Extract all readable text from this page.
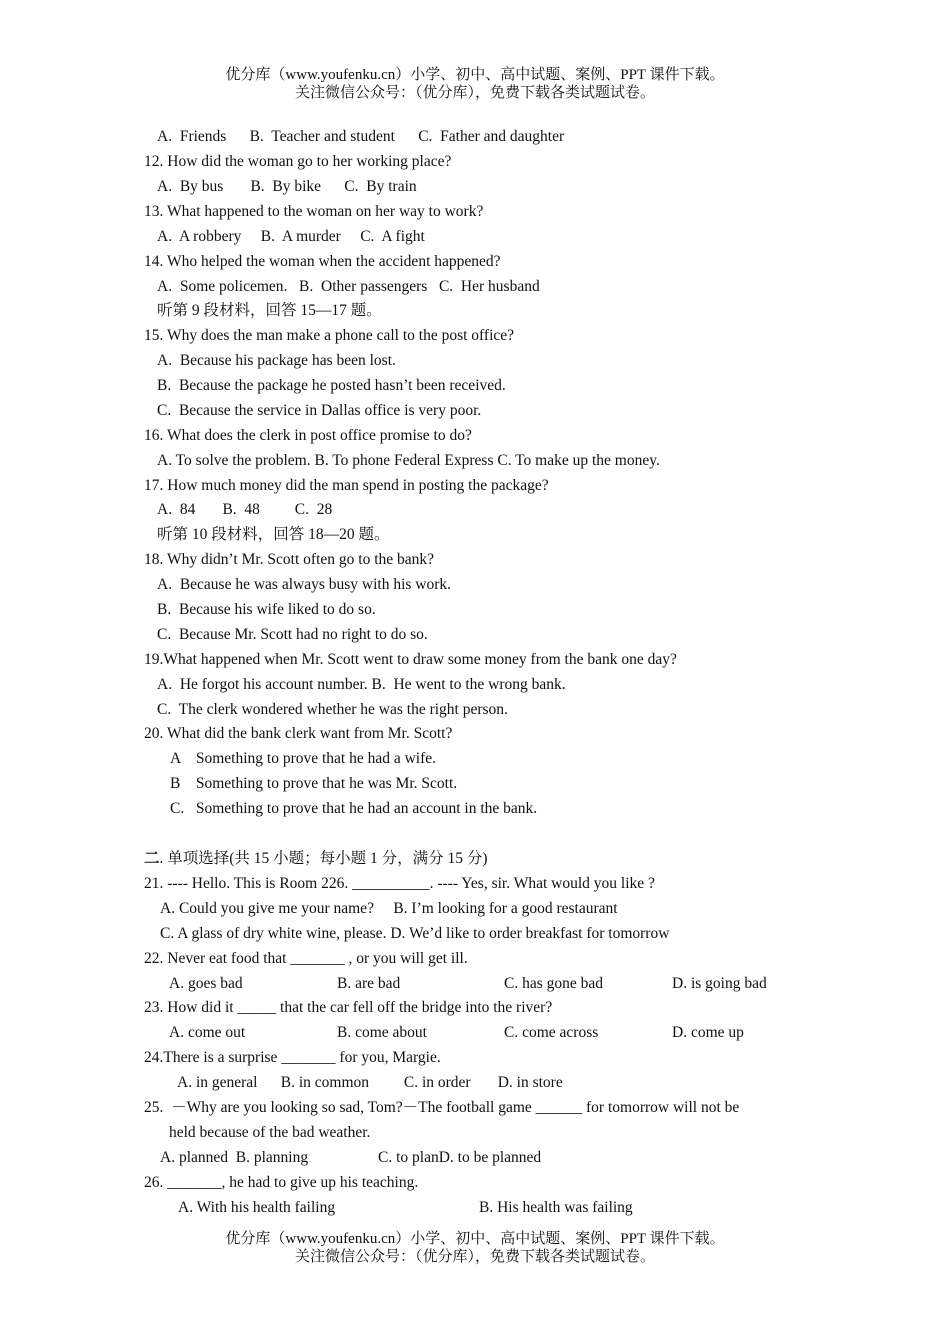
优分库（www.youfenku.cn）小学、初中、高中试题、案例、PPT 课件下载。
关注微信公众号：（优分库），免费下载各类试题试卷。
A.  Friends      B.  Teacher and student      C.  Father and daughter
12. How did the woman go to her working place?
A.  By bus       B.  By bike      C.  By train
13. What happened to the woman on her way to work?
A.  A robbery     B.  A murder     C.  A fight
14. Who helped the woman when the accident happened?
A.  Some policemen.   B.  Other passengers   C.  Her husband
听第 9 段材料，回答 15—17 题。
15. Why does the man make a phone call to the post office?
A.  Because his package has been lost.
B.  Because the package he posted hasn’t been received.
C.  Because the service in Dallas office is very poor.
16. What does the clerk in post office promise to do?
A. To solve the problem. B. To phone Federal Express C. To make up the money.
17. How much money did the man spend in posting the package?
A.  84       B.  48         C.  28
听第 10 段材料，回答 18—20 题。
18. Why didn’t Mr. Scott often go to the bank?
A.  Because he was always busy with his work.
B.  Because his wife liked to do so.
C.  Because Mr. Scott had no right to do so.
19.What happened when Mr. Scott went to draw some money from the bank one day?
A.  He forgot his account number. B.  He went to the wrong bank.
C.  The clerk wondered whether he was the right person.
20. What did the bank clerk want from Mr. Scott?
A    Something to prove that he had a wife.
B    Something to prove that he was Mr. Scott.
C.   Something to prove that he had an account in the bank.
二. 单项选择(共 15 小题；每小题 1 分，满分 15 分)
21. ---- Hello. This is Room 226. __________. ---- Yes, sir. What would you like ?
A. Could you give me your name?     B. I’m looking for a good restaurant
C. A glass of dry white wine, please. D. We’d like to order breakfast for tomorrow
22. Never eat food that _______ , or you will get ill.
A. goes bad	B. are bad	C. has gone bad	D. is going bad
23. How did it _____ that the car fell off the bridge into the river?
A. come out	B. come about	C. come across	D. come up
24.There is a surprise _______ for you, Margie.
A. in general      B. in common         C. in order       D. in store
25.  －Why are you looking so sad, Tom?－The football game ______ for tomorrow will not be
held because of the bad weather.
A. planned  B. planning	C. to planD. to be planned
26. _______, he had to give up his teaching.
A. With his health failing	B. His health was failing
优分库（www.youfenku.cn）小学、初中、高中试题、案例、PPT 课件下载。
关注微信公众号：（优分库），免费下载各类试题试卷。
